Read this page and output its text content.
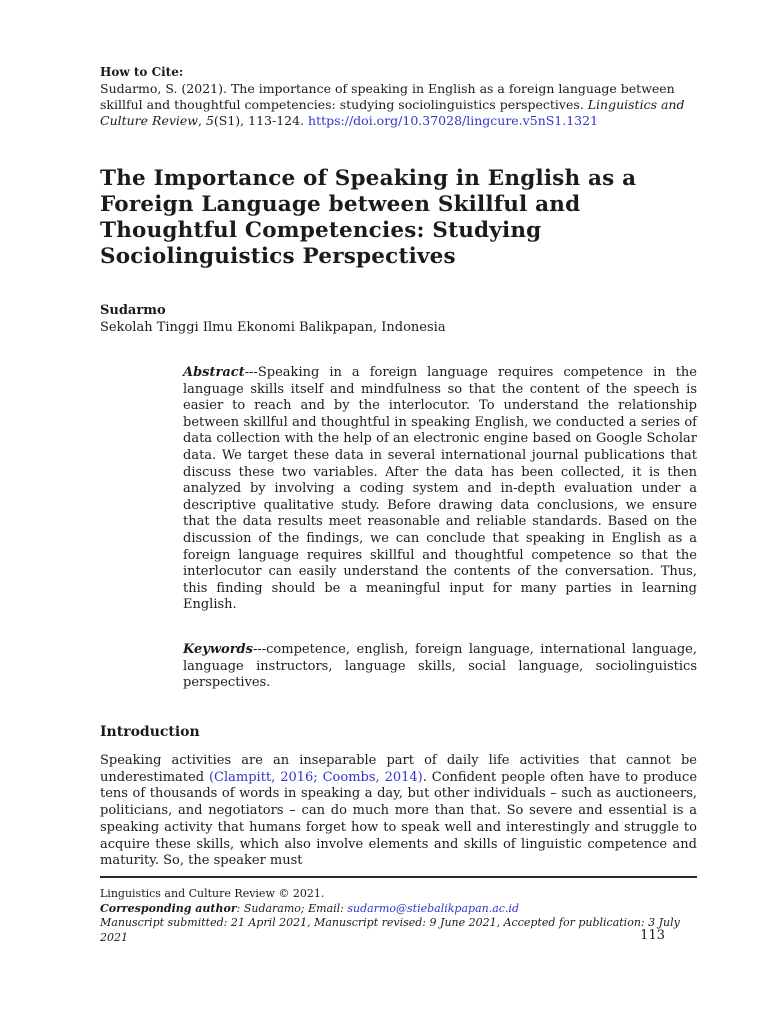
How to Cite:
Sudarmo, S. (2021). The importance of speaking in English as a foreign language between skillful and thoughtful competencies: studying sociolinguistics perspectives. Linguistics and Culture Review, 5(S1), 113-124. https://doi.org/10.37028/lingcure.v5nS1.1321
The Importance of Speaking in English as a Foreign Language between Skillful and Thoughtful Competencies: Studying Sociolinguistics Perspectives
Sudarmo
Sekolah Tinggi Ilmu Ekonomi Balikpapan, Indonesia
Abstract---Speaking in a foreign language requires competence in the language skills itself and mindfulness so that the content of the speech is easier to reach and by the interlocutor. To understand the relationship between skillful and thoughtful in speaking English, we conducted a series of data collection with the help of an electronic engine based on Google Scholar data. We target these data in several international journal publications that discuss these two variables. After the data has been collected, it is then analyzed by involving a coding system and in-depth evaluation under a descriptive qualitative study. Before drawing data conclusions, we ensure that the data results meet reasonable and reliable standards. Based on the discussion of the findings, we can conclude that speaking in English as a foreign language requires skillful and thoughtful competence so that the interlocutor can easily understand the contents of the conversation. Thus, this finding should be a meaningful input for many parties in learning English.
Keywords---competence, english, foreign language, international language, language instructors, language skills, social language, sociolinguistics perspectives.
Introduction

Speaking activities are an inseparable part of daily life activities that cannot be underestimated (Clampitt, 2016; Coombs, 2014). Confident people often have to produce tens of thousands of words in speaking a day, but other individuals – such as auctioneers, politicians, and negotiators – can do much more than that. So severe and essential is a speaking activity that humans forget how to speak well and interestingly and struggle to acquire these skills, which also involve elements and skills of linguistic competence and maturity. So, the speaker must

Linguistics and Culture Review © 2021.
Corresponding author: Sudaramo; Email: sudarmo@stiebalikpapan.ac.id
Manuscript submitted: 21 April 2021, Manuscript revised: 9 June 2021, Accepted for publication: 3 July 2021	113
